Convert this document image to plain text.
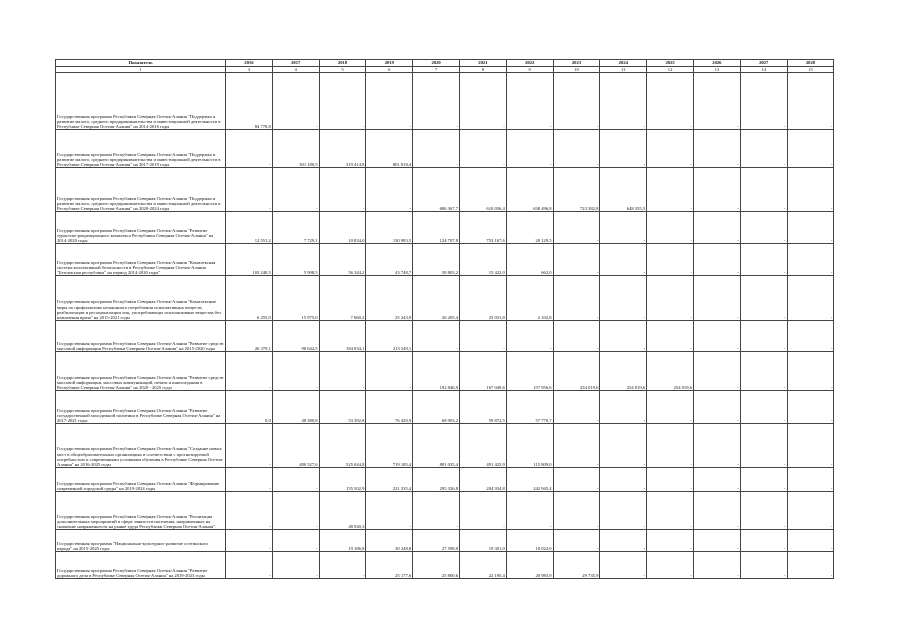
Показатель	2016	2017	2018	2019	2020	2021	2022	2023	2024	2025	2026	2027	2028
1	3	4	5	6	7	8	9	10	11	12	13	14	15
Государственная программа Республики Северная Осетия-Алания "Поддержка и развитие малого, среднего предпринимательства и инвестиционной деятельности в Республике Северная Осетия-Алания" на 2014-2016 годы	84 778,8	-	-	-	-	-	-	-	-	-	-	-	-
Государственная программа Республики Северная Осетия-Алания "Поддержка и развитие малого, среднего предпринимательства и инвестиционной деятельности в Республике Северная Осетия-Алания" на 2017-2019 годы	-	301 180,5	319 414,8	801 818,4	-	-	-	-	-	-	-	-	-
Государственная программа Республики Северная Осетия-Алания "Поддержка и развитие малого, среднего предпринимательства и инвестиционной деятельности в Республике Северная Осетия-Алания" на 2020-2024 годы	-	-	-	-	686 367,7	610 036,4	638 496,8	723 382,8	648 355,5	-	-	-	-
Государственная программа Республики Северная Осетия-Алания "Развитие туристско-рекреационного комплекса Республики Северная Осетия-Алания" на 2014-2020 годы	12 551,2	7 729,1	10 834,0	130 983,5	124 707,8	753 167,6	20 129,5	-	-	-	-	-	-
Государственная программа Республики Северная Осетия-Алания "Комплексная система коллективной безопасности в Республике Северная Осетия-Алания "Безопасная республика" на период 2014-2020 годы"	103 240,5	5 998,5	56 344,2	43 748,7	58 803,2	15 422,0	662,0	-	-	-	-	-	-
Государственная программа Республики Северная Осетия-Алания "Комплексные меры по профилактике незаконного потребления психоактивных веществ, реабилитации и ресоциализации лиц, употребляющих психоактивные вещества без назначения врача" на 2015-2021 годы	6 255,0	15 975,0	7 660,2	25 243,9	26 205,4	25 031,8	2 102,8	-	-	-	-	-	-
Государственная программа Республики Северная Осетия-Алания "Развитие средств массовой информации Республики Северная Осетия-Алания" на 2015-2020 годы	26 379,1	90 642,5	184 034,1	213 549,1	-	-	-	-	-	-	-	-	-
Государственная программа Республики Северная Осетия-Алания "Развитие средств массовой информации, массовых коммуникаций, печати и книгоиздания в Республике Северная Осетия-Алания" на 2020 - 2025 годы	-	-	-	-	192 846,9	167 049,6	157 956,6	254 019,6	254 019,6	254 019,6	-	-	-
Государственная программа Республики Северная Осетия-Алания "Развитие государственной молодежной политики в Республике Северная Осетия-Алания" на 2017-2021 годы	0,0	48 380,8	53 392,8	76 420,9	68 903,2	59 872,5	57 770,7	-	-	-	-	-	-
Государственная программа Республики Северная Осетия-Алания "Создание новых мест в общеобразовательных организациях в соответствии с прогнозируемой потребностью и современными условиями обучения в Республике Северная Осетия-Алания" на 2016-2025 годы	-	480 527,6	525 044,8	719 185,4	881 035,4	491 425,9	115 809,0	-	-	-	-	-	-
Государственная программа Республики Северная Осетия-Алания "Формирование современной городской среды" на 2019-2024 годы	-	-	155 502,9	221 335,4	295 326,8	204 934,8	242 945,4	-	-	-	-	-	-
Государственная программа Республики Северная Осетия-Алания "Реализация дополнительных мероприятий в сфере занятости населения, направленных на снижение напряженности на рынке труда Республики Северная Осетия-Алания"	-	-	48 940,3	-	-	-	-	-	-	-	-	-	-
Государственная программа "Национально-культурное развитие осетинского народа" на 2015-2020 годы	-	-	19 186,8	30 248,8	27 598,0	19 301,0	18 022,0	-	-	-	-	-	-
Государственная программа Республики Северная Осетия-Алания "Развитие дорожного дела в Республике Северная Осетия-Алания" на 2019-2023 годы	-	-	-	25 177,6	25 800,6	22 195,4	20 983,9	29 735,9	-	-	-	-	-
